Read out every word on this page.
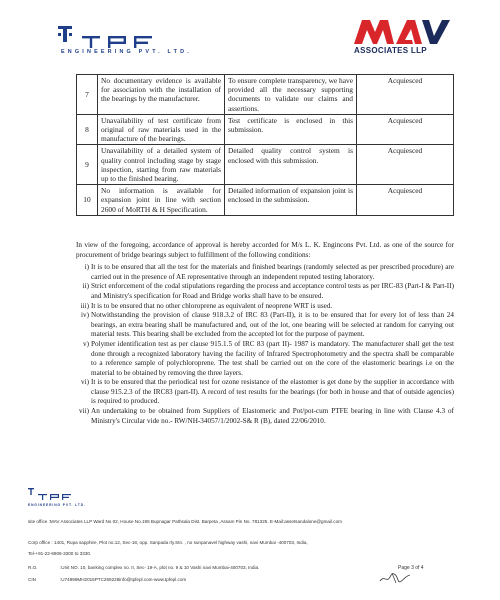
ENGINEERING PVT. LTD.	ASSOCIATES LLP
7	No documentary evidence is available for association with the installation of the bearings by the manufacturer.	To ensure complete transparency, we have provided all the necessary supporting documents to validate our claims and assertions.	Acquiesced
8	Unavailability of test certificate from original of raw materials used in the manufacture of the bearings.	Test certificate is enclosed in this submission.	Acquiesced
9	Unavailability of a detailed system of quality control including stage by stage inspection, starting from raw materials up to the finished bearing.	Detailed quality control system is enclosed with this submission.	Acquiesced
10	No information is available for expansion joint in line with section 2600 of MoRTH & H Specification.	Detailed information of expansion joint is enclosed in the submission.	Acquiesced

In view of the foregoing, accordance of approval is hereby accorded for M/s L. K. Engincons Pvt. Ltd. as one of the source for procurement of bridge bearings subject to fulfillment of the following conditions:

i) It is to be ensured that all the test for the materials and finished bearings (randomly selected as per prescribed procedure) are carried out in the presence of AE representative through an independent reputed testing laboratory.
ii) Strict enforcement of the codal stipulations regarding the process and acceptance control tests as per IRC-83 (Part-I & Part-II) and Ministry's specification for Road and Bridge works shall have to be ensured.
iii) It is to be ensured that no other chloroprene as equivalent of neoprene WRT is used.
iv) Notwithstanding the provision of clause 918.3.2 of IRC 83 (Part-II), it is to be ensured that for every lot of less than 24 bearings, an extra bearing shall be manufactured and, out of the lot, one bearing will be selected at random for carrying out material tests. This bearing shall be excluded from the accepted lot for the purpose of payment.
v) Polymer identification test as per clause 915.1.5 of IRC 83 (part II)- 1987 is mandatory. The manufacturer shall get the test done through a recognized laboratory having the facility of Infrared Spectrophotometry and the spectra shall be comparable to a reference sample of polychloroprene. The test shall be carried out on the core of the elastomeric bearings i.e on the material to be obtained by removing the three layers.
vi) It is to be ensured that the periodical test for ozone resistance of the elastomer is get done by the supplier in accordance with clause 915.2.3 of the IRC83 (part-II). A record of test results for the bearings (for both in house and that of outside agencies) is required to produced.
vii) An undertaking to be obtained from Suppliers of Elastomeric and Pot/pot-cum PTFE bearing in line with Clause 4.3 of Ministry's Circular vide no.- RW/NH-34057/1/2002-S& R (B), dated 22/06/2010.
ENGINEERING PVT. LTD.
site office :MAV Associates LLP Ward No 02, House No.195 Bupnagar Pathsala Dist. Barpeta ,Assam Pin No. 781325. E-Mail:assetsandalone@gmail.com
Corp office : 1401, Rupa sapphire, Plot no.12, Sec-18, opp. Sanpada rly.Stn. , no sunpanavel highway vashi, navi Mumbai -400703, India,
Tel-+91-22-6906-3300 to 3330.
R.O.	:Unit NO. 10, banking complex no. II, Sec- 19-A, plot no. 9 & 10 Vashi navi Mumbai-400703, India.
CIN	:U74999MH2015PTC269228info@tpfepl.com-www.tpfepl.com
Page 3 of 4
